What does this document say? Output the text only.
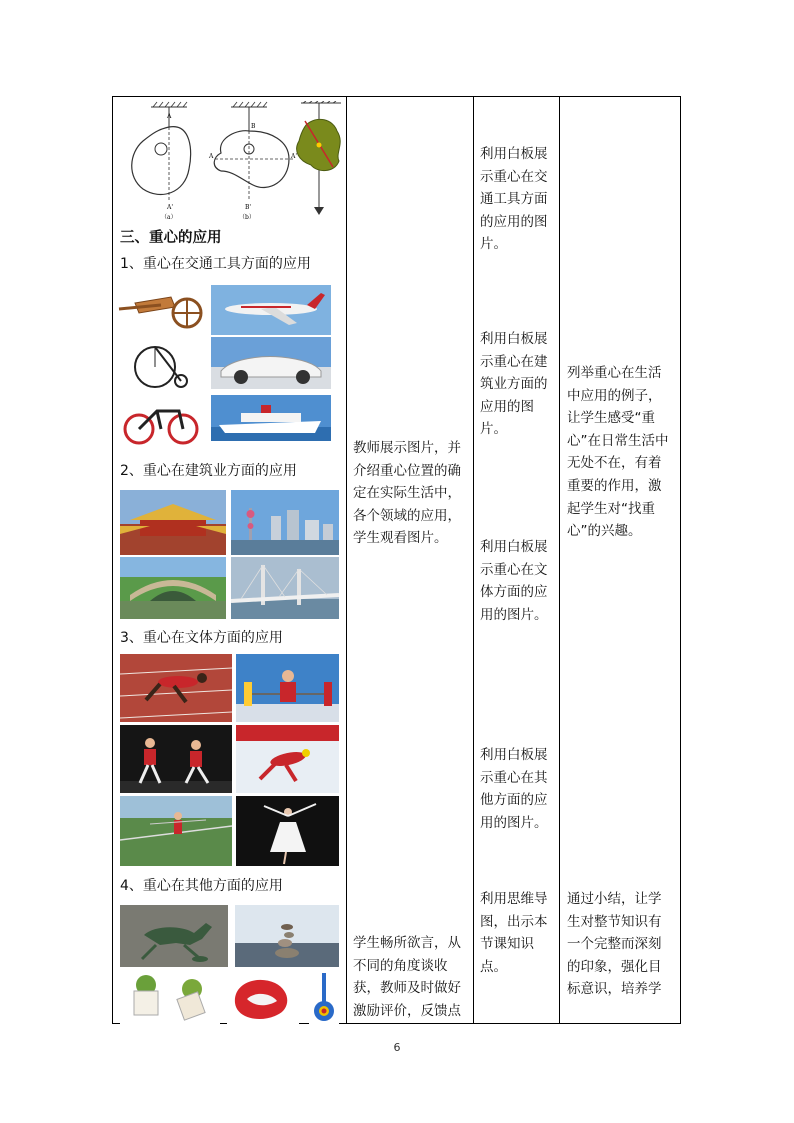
A
A'
（a）
B
A	A'
B'
（b）
三、重心的应用
1、重心在交通工具方面的应用
2、重心在建筑业方面的应用
3、重心在文体方面的应用
4、重心在其他方面的应用
教师展示图片，并介绍重心位置的确定在实际生活中，各个领域的应用，学生观看图片。
学生畅所欲言，从不同的角度谈收获，教师及时做好激励评价，反馈点
利用白板展示重心在交通工具方面的应用的图片。
利用白板展示重心在建筑业方面的应用的图片。
利用白板展示重心在文体方面的应用的图片。
利用白板展示重心在其他方面的应用的图片。
利用思维导图，出示本节课知识点。
列举重心在生活中应用的例子，让学生感受“重心”在日常生活中无处不在，有着重要的作用，激起学生对“找重心”的兴趣。
通过小结，让学生对整节知识有一个完整而深刻的印象，强化目标意识，培养学
6
